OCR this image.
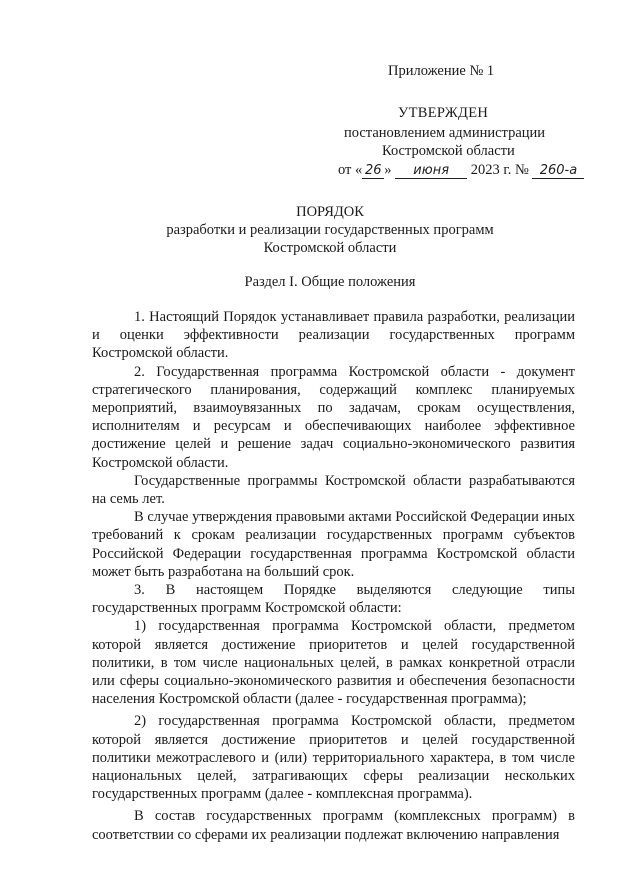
Приложение № 1
УТВЕРЖДЕН
постановлением администрации
Костромской области
от « 26 » июня 2023 г. № 260-а
ПОРЯДОК
разработки и реализации государственных программ
Костромской области
Раздел I. Общие положения

1. Настоящий Порядок устанавливает правила разработки, реализации и оценки эффективности реализации государственных программ Костромской области.

2. Государственная программа Костромской области - документ стратегического планирования, содержащий комплекс планируемых мероприятий, взаимоувязанных по задачам, срокам осуществления, исполнителям и ресурсам и обеспечивающих наиболее эффективное достижение целей и решение задач социально-экономического развития Костромской области.

Государственные программы Костромской области разрабатываются на семь лет.

В случае утверждения правовыми актами Российской Федерации иных требований к срокам реализации государственных программ субъектов Российской Федерации государственная программа Костромской области может быть разработана на больший срок.

3. В настоящем Порядке выделяются следующие типы государственных программ Костромской области:

1) государственная программа Костромской области, предметом которой является достижение приоритетов и целей государственной политики, в том числе национальных целей, в рамках конкретной отрасли или сферы социально-экономического развития и обеспечения безопасности населения Костромской области (далее - государственная программа);

2) государственная программа Костромской области, предметом которой является достижение приоритетов и целей государственной политики межотраслевого и (или) территориального характера, в том числе национальных целей, затрагивающих сферы реализации нескольких государственных программ (далее - комплексная программа).

В состав государственных программ (комплексных программ) в соответствии со сферами их реализации подлежат включению направления
